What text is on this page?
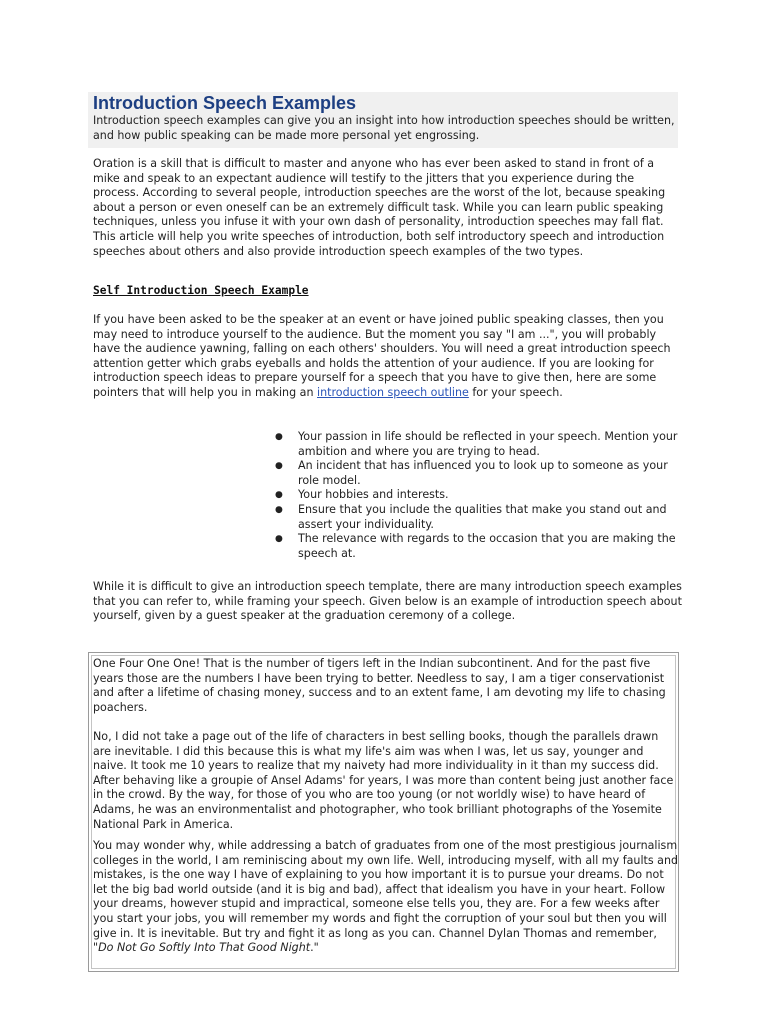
Introduction Speech Examples

Introduction speech examples can give you an insight into how introduction speeches should be written, and how public speaking can be made more personal yet engrossing.

Oration is a skill that is difficult to master and anyone who has ever been asked to stand in front of a mike and speak to an expectant audience will testify to the jitters that you experience during the process. According to several people, introduction speeches are the worst of the lot, because speaking about a person or even oneself can be an extremely difficult task. While you can learn public speaking techniques, unless you infuse it with your own dash of personality, introduction speeches may fall flat. This article will help you write speeches of introduction, both self introductory speech and introduction speeches about others and also provide introduction speech examples of the two types.

Self Introduction Speech Example

If you have been asked to be the speaker at an event or have joined public speaking classes, then you may need to introduce yourself to the audience. But the moment you say "I am ...", you will probably have the audience yawning, falling on each others' shoulders. You will need a great introduction speech attention getter which grabs eyeballs and holds the attention of your audience. If you are looking for introduction speech ideas to prepare yourself for a speech that you have to give then, here are some pointers that will help you in making an introduction speech outline for your speech.

● Your passion in life should be reflected in your speech. Mention your ambition and where you are trying to head.
● An incident that has influenced you to look up to someone as your role model.
● Your hobbies and interests.
● Ensure that you include the qualities that make you stand out and assert your individuality.
● The relevance with regards to the occasion that you are making the speech at.

While it is difficult to give an introduction speech template, there are many introduction speech examples that you can refer to, while framing your speech. Given below is an example of introduction speech about yourself, given by a guest speaker at the graduation ceremony of a college.

One Four One One! That is the number of tigers left in the Indian subcontinent. And for the past five years those are the numbers I have been trying to better. Needless to say, I am a tiger conservationist and after a lifetime of chasing money, success and to an extent fame, I am devoting my life to chasing poachers.

No, I did not take a page out of the life of characters in best selling books, though the parallels drawn are inevitable. I did this because this is what my life's aim was when I was, let us say, younger and naive. It took me 10 years to realize that my naivety had more individuality in it than my success did. After behaving like a groupie of Ansel Adams' for years, I was more than content being just another face in the crowd. By the way, for those of you who are too young (or not worldly wise) to have heard of Adams, he was an environmentalist and photographer, who took brilliant photographs of the Yosemite National Park in America.

You may wonder why, while addressing a batch of graduates from one of the most prestigious journalism colleges in the world, I am reminiscing about my own life. Well, introducing myself, with all my faults and mistakes, is the one way I have of explaining to you how important it is to pursue your dreams. Do not let the big bad world outside (and it is big and bad), affect that idealism you have in your heart. Follow your dreams, however stupid and impractical, someone else tells you, they are. For a few weeks after you start your jobs, you will remember my words and fight the corruption of your soul but then you will give in. It is inevitable. But try and fight it as long as you can. Channel Dylan Thomas and remember, "Do Not Go Softly Into That Good Night."
